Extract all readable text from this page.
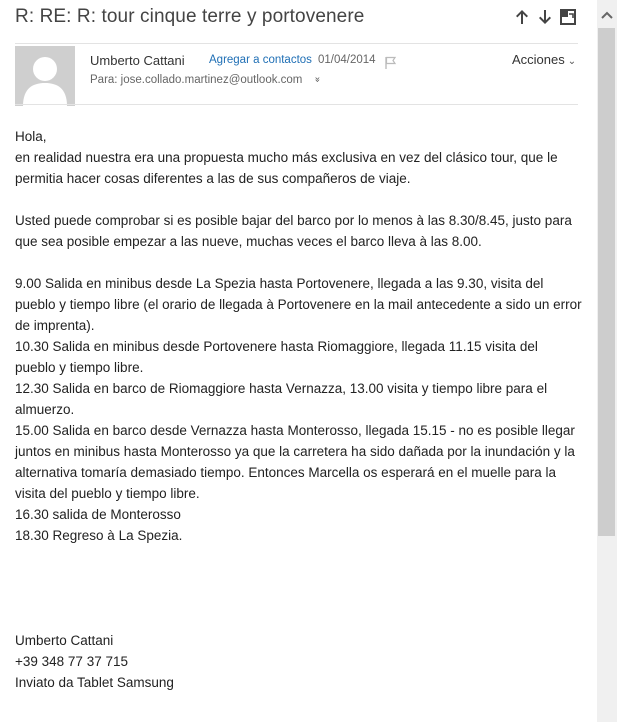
R: RE: R: tour cinque terre y portovenere
Umberto Cattani Agregar a contactos 01/04/2014	Acciones ⌄
Para: jose.collado.martinez@outlook.com »

Hola,

en realidad nuestra era una propuesta mucho más exclusiva en vez del clásico tour, que le permitia hacer cosas diferentes a las de sus compañeros de viaje.

Usted puede comprobar si es posible bajar del barco por lo menos à las 8.30/8.45, justo para que sea posible empezar a las nueve, muchas veces el barco lleva à las 8.00.

9.00 Salida en minibus desde La Spezia hasta Portovenere, llegada a las 9.30, visita del pueblo y tiempo libre (el orario de llegada à Portovenere en la mail antecedente a sido un error de imprenta).

10.30 Salida en minibus desde Portovenere hasta Riomaggiore, llegada 11.15 visita del pueblo y tiempo libre.

12.30 Salida en barco de Riomaggiore hasta Vernazza, 13.00 visita y tiempo libre para el almuerzo.

15.00 Salida en barco desde Vernazza hasta Monterosso, llegada 15.15 - no es posible llegar juntos en minibus hasta Monterosso ya que la carretera ha sido dañada por la inundación y la alternativa tomaría demasiado tiempo. Entonces Marcella os esperará en el muelle para la visita del pueblo y tiempo libre.

16.30 salida de Monterosso

18.30 Regreso à La Spezia.

Umberto Cattani

+39 348 77 37 715

Inviato da Tablet Samsung
